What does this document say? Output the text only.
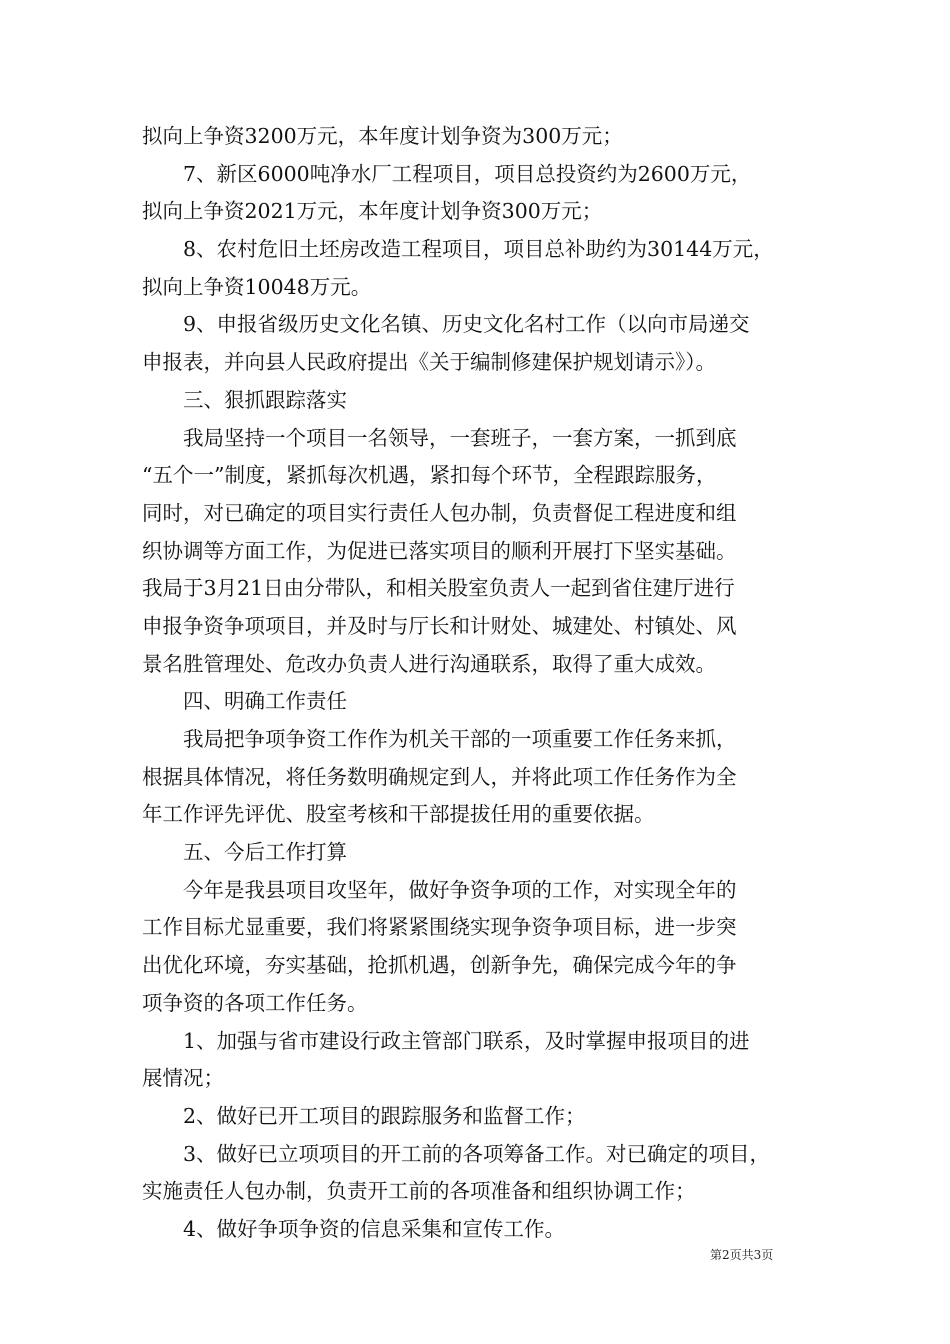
拟向上争资3200万元，本年度计划争资为300万元；

7、新区6000吨净水厂工程项目，项目总投资约为2600万元，

拟向上争资2021万元，本年度计划争资300万元；

8、农村危旧土坯房改造工程项目，项目总补助约为30144万元，

拟向上争资10048万元。

9、申报省级历史文化名镇、历史文化名村工作（以向市局递交

申报表，并向县人民政府提出《关于编制修建保护规划请示》）。

三、狠抓跟踪落实

我局坚持一个项目一名领导，一套班子，一套方案，一抓到底

“五个一”制度，紧抓每次机遇，紧扣每个环节，全程跟踪服务，

同时，对已确定的项目实行责任人包办制，负责督促工程进度和组

织协调等方面工作，为促进已落实项目的顺利开展打下坚实基础。

我局于3月21日由分带队，和相关股室负责人一起到省住建厅进行

申报争资争项项目，并及时与厅长和计财处、城建处、村镇处、风

景名胜管理处、危改办负责人进行沟通联系，取得了重大成效。

四、明确工作责任

我局把争项争资工作作为机关干部的一项重要工作任务来抓，

根据具体情况，将任务数明确规定到人，并将此项工作任务作为全

年工作评先评优、股室考核和干部提拔任用的重要依据。

五、今后工作打算

今年是我县项目攻坚年，做好争资争项的工作，对实现全年的

工作目标尤显重要，我们将紧紧围绕实现争资争项目标，进一步突

出优化环境，夯实基础，抢抓机遇，创新争先，确保完成今年的争

项争资的各项工作任务。

1、加强与省市建设行政主管部门联系，及时掌握申报项目的进

展情况；

2、做好已开工项目的跟踪服务和监督工作；

3、做好已立项项目的开工前的各项筹备工作。对已确定的项目，

实施责任人包办制，负责开工前的各项准备和组织协调工作；

4、做好争项争资的信息采集和宣传工作。

第2页共3页
